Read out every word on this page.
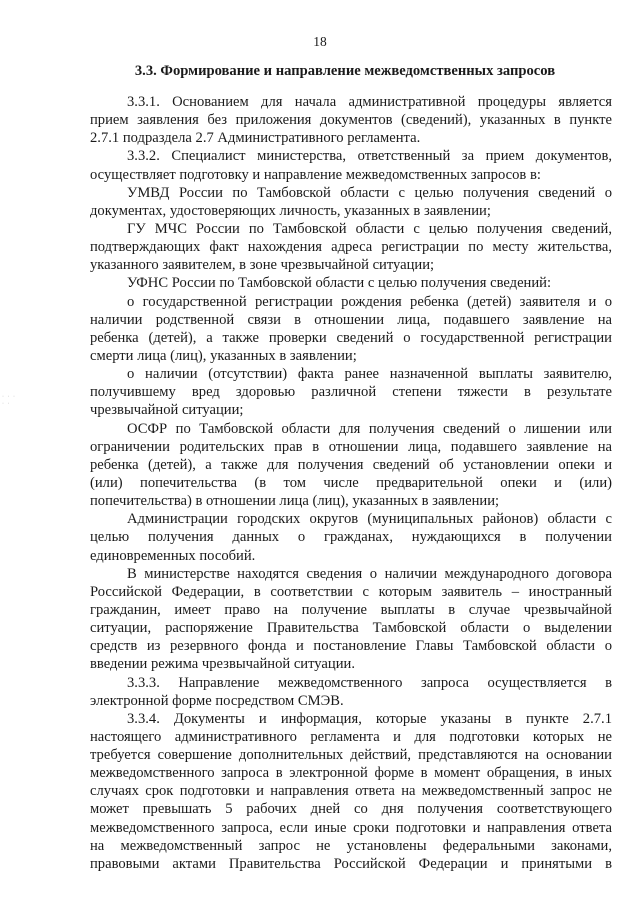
18
3.3. Формирование и направление межведомственных запросов
· · ·
· ·
3.3.1. Основанием для начала административной процедуры является
прием заявления без приложения документов (сведений), указанных в пункте
2.7.1 подраздела 2.7 Административного регламента.
3.3.2. Специалист министерства, ответственный за прием документов,
осуществляет подготовку и направление межведомственных запросов в:
УМВД России по Тамбовской области с целью получения сведений о
документах, удостоверяющих личность, указанных в заявлении;
ГУ МЧС России по Тамбовской области с целью получения сведений,
подтверждающих факт нахождения адреса регистрации по месту жительства,
указанного заявителем, в зоне чрезвычайной ситуации;
УФНС России по Тамбовской области с целью получения сведений:
о государственной регистрации рождения ребенка (детей) заявителя и о
наличии родственной связи в отношении лица, подавшего заявление на
ребенка (детей), а также проверки сведений о государственной регистрации
смерти лица (лиц), указанных в заявлении;
о наличии (отсутствии) факта ранее назначенной выплаты заявителю,
получившему вред здоровью различной степени тяжести в результате
чрезвычайной ситуации;
ОСФР по Тамбовской области для получения сведений о лишении или
ограничении родительских прав в отношении лица, подавшего заявление на
ребенка (детей), а также для получения сведений об установлении опеки и
(или) попечительства (в том числе предварительной опеки и (или)
попечительства) в отношении лица (лиц), указанных в заявлении;
Администрации городских округов (муниципальных районов) области с
целью получения данных о гражданах, нуждающихся в получении
единовременных пособий.
В министерстве находятся сведения о наличии международного договора
Российской Федерации, в соответствии с которым заявитель – иностранный
гражданин, имеет право на получение выплаты в случае чрезвычайной
ситуации, распоряжение Правительства Тамбовской области о выделении
средств из резервного фонда и постановление Главы Тамбовской области о
введении режима чрезвычайной ситуации.
3.3.3. Направление межведомственного запроса осуществляется в
электронной форме посредством СМЭВ.
3.3.4. Документы и информация, которые указаны в пункте 2.7.1
настоящего административного регламента и для подготовки которых не
требуется совершение дополнительных действий, представляются на основании
межведомственного запроса в электронной форме в момент обращения, в иных
случаях срок подготовки и направления ответа на межведомственный запрос не
может превышать 5 рабочих дней со дня получения соответствующего
межведомственного запроса, если иные сроки подготовки и направления ответа
на межведомственный запрос не установлены федеральными законами,
правовыми актами Правительства Российской Федерации и принятыми в
